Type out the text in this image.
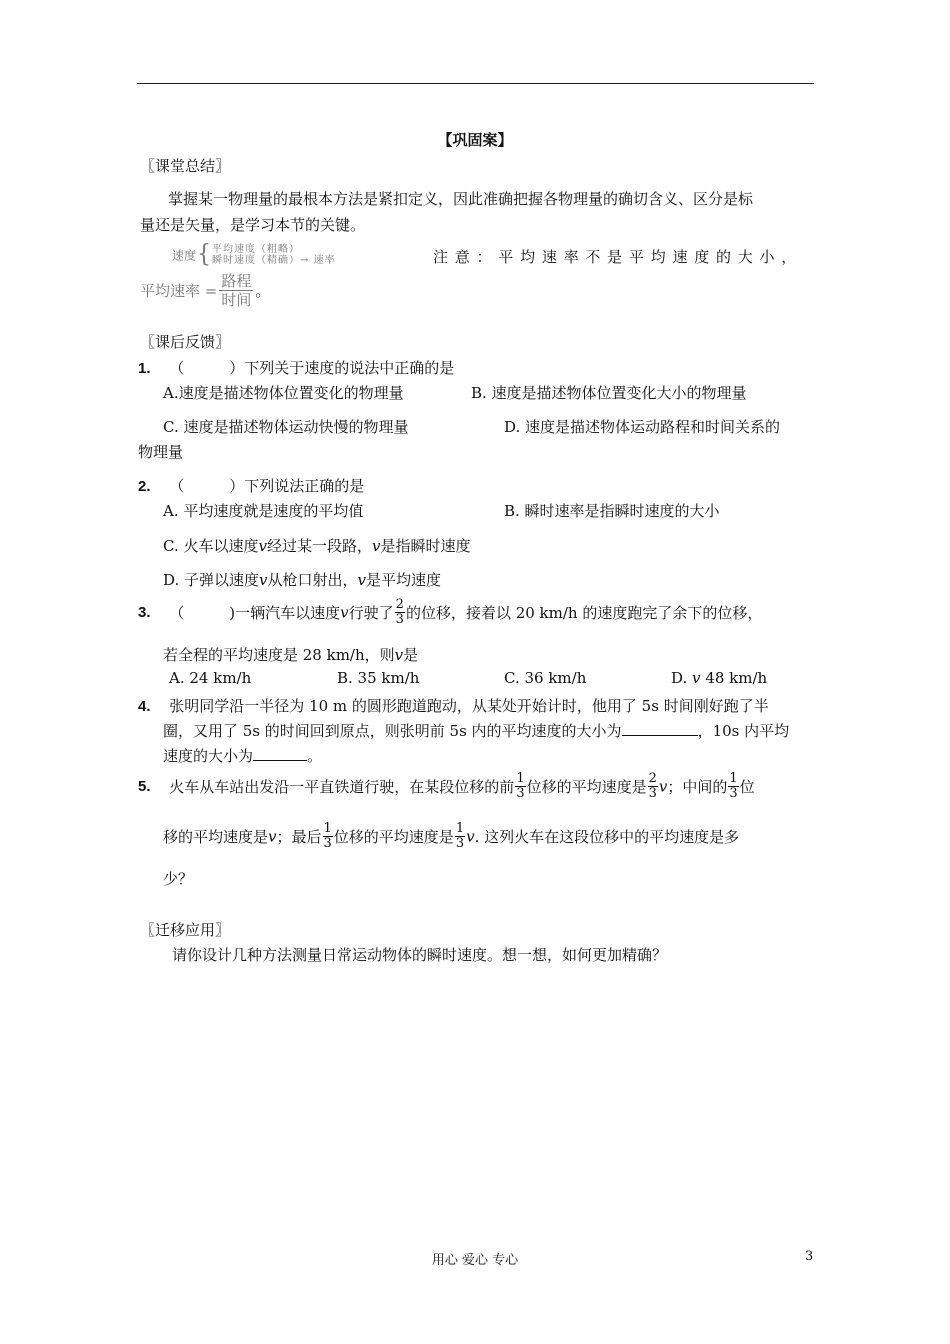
【巩固案】
〖课堂总结〗
掌握某一物理量的最根本方法是紧扣定义，因此准确把握各物理量的确切含义、区分是标
量还是矢量，是学习本节的关键。
速度{ 平均速度（粗略）
瞬时速度（精确）→ 速率	注 意 ： 平 均 速 率 不 是 平 均 速 度 的 大 小 ，
平均速率 =
路程
时间 。
〖课后反馈〗
1. （　　　）下列关于速度的说法中正确的是
A.速度是描述物体位置变化的物理量	B. 速度是描述物体位置变化大小的物理量
C. 速度是描述物体运动快慢的物理量	D. 速度是描述物体运动路程和时间关系的
物理量
2. （　　　）下列说法正确的是
A. 平均速度就是速度的平均值	B. 瞬时速率是指瞬时速度的大小
C. 火车以速度v经过某一段路，v是指瞬时速度
D. 子弹以速度v从枪口射出，v是平均速度
3. （　　　)一辆汽车以速度v行驶了 $\frac{2}{3}$ 的位移，接着以 20 km/h 的速度跑完了余下的位移，
若全程的平均速度是 28 km/h，则v是
A. 24 km/h	B. 35 km/h	C. 36 km/h	D. v 48 km/h
4. 张明同学沿一半径为 10 m 的圆形跑道跑动，从某处开始计时，他用了 5s 时间刚好跑了半
圈，又用了 5s 的时间回到原点，则张明前 5s 内的平均速度的大小为	，10s 内平均
速度的大小为	。
5. 火车从车站出发沿一平直铁道行驶，在某段位移的前 $\frac{1}{3}$ 位移的平均速度是 $\frac{2}{3}$ v；中间的 $\frac{1}{3}$ 位
移的平均速度是v；最后 $\frac{1}{3}$ 位移的平均速度是 $\frac{1}{3} v$. 这列火车在这段位移中的平均速度是多
少？
〖迁移应用〗
请你设计几种方法测量日常运动物体的瞬时速度。想一想，如何更加精确？
用心 爱心 专心	3
